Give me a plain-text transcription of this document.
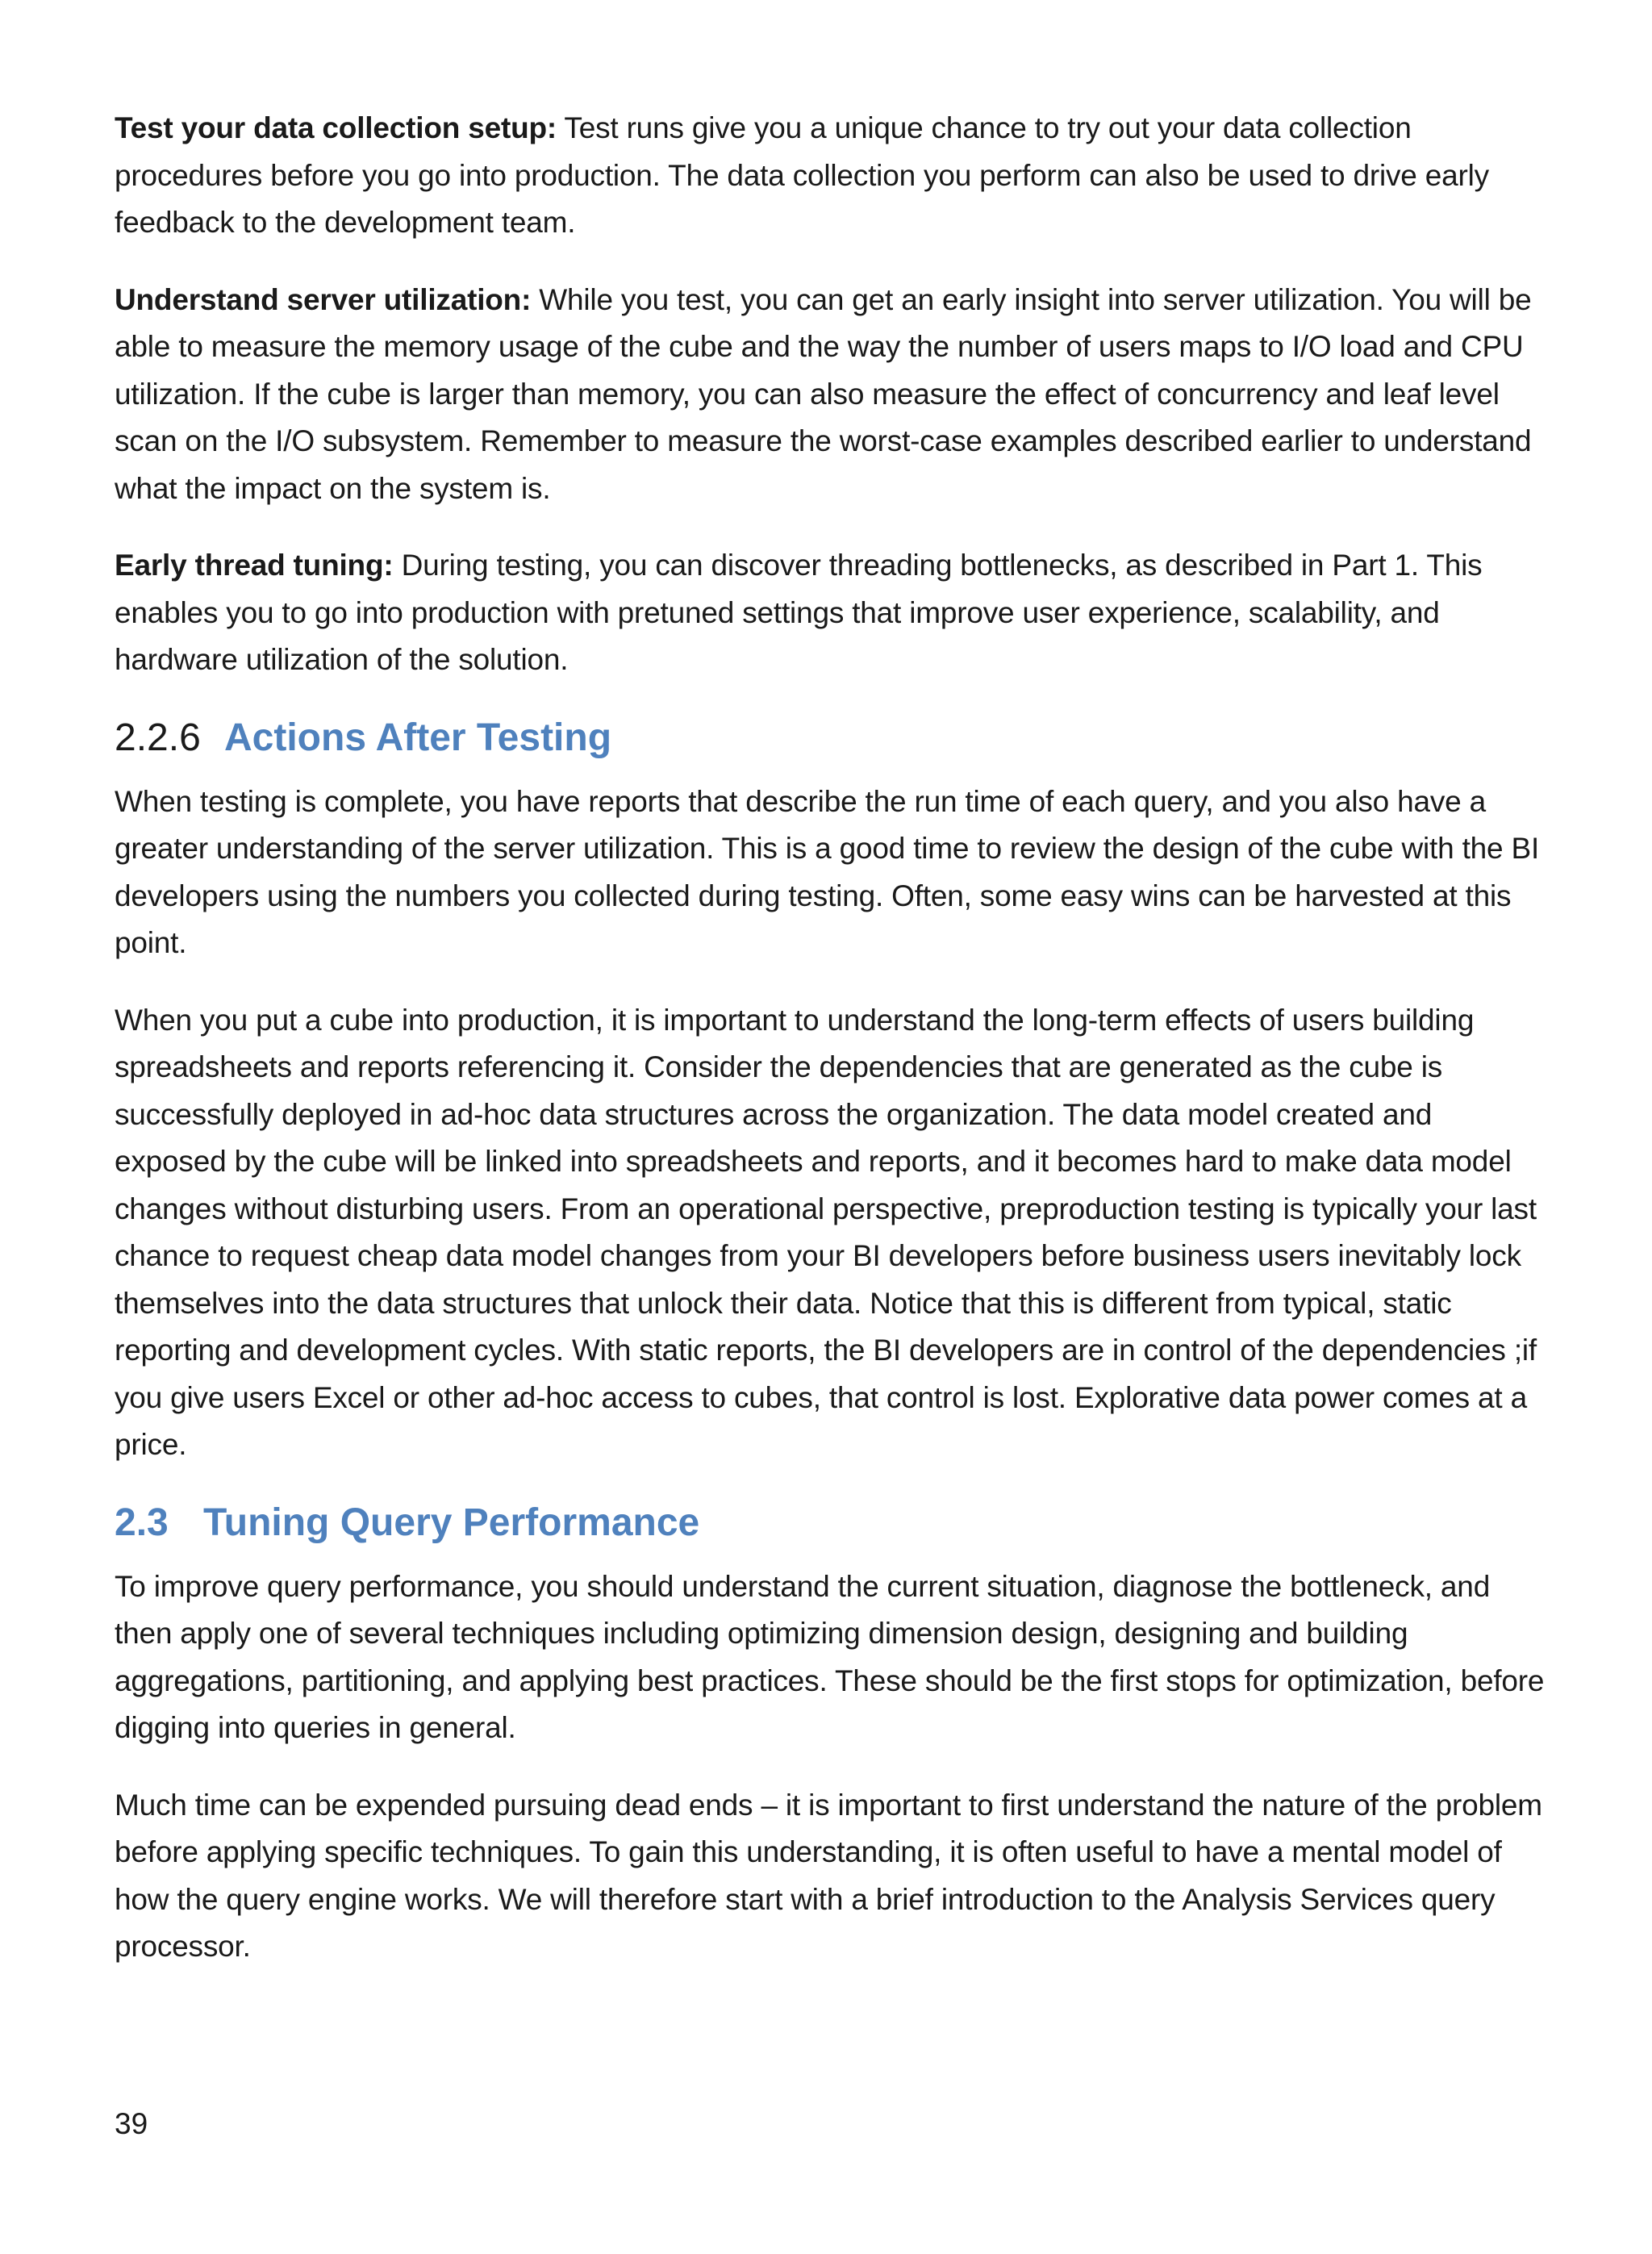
Test your data collection setup: Test runs give you a unique chance to try out your data collection procedures before you go into production. The data collection you perform can also be used to drive early feedback to the development team.

Understand server utilization: While you test, you can get an early insight into server utilization. You will be able to measure the memory usage of the cube and the way the number of users maps to I/O load and CPU utilization. If the cube is larger than memory, you can also measure the effect of concurrency and leaf level scan on the I/O subsystem. Remember to measure the worst-case examples described earlier to understand what the impact on the system is.

Early thread tuning: During testing, you can discover threading bottlenecks, as described in Part 1. This enables you to go into production with pretuned settings that improve user experience, scalability, and hardware utilization of the solution.

2.2.6 Actions After Testing

When testing is complete, you have reports that describe the run time of each query, and you also have a greater understanding of the server utilization. This is a good time to review the design of the cube with the BI developers using the numbers you collected during testing. Often, some easy wins can be harvested at this point.

When you put a cube into production, it is important to understand the long-term effects of users building spreadsheets and reports referencing it. Consider the dependencies that are generated as the cube is successfully deployed in ad-hoc data structures across the organization. The data model created and exposed by the cube will be linked into spreadsheets and reports, and it becomes hard to make data model changes without disturbing users. From an operational perspective, preproduction testing is typically your last chance to request cheap data model changes from your BI developers before business users inevitably lock themselves into the data structures that unlock their data. Notice that this is different from typical, static reporting and development cycles. With static reports, the BI developers are in control of the dependencies ;if you give users Excel or other ad-hoc access to cubes, that control is lost. Explorative data power comes at a price.

2.3 Tuning Query Performance

To improve query performance, you should understand the current situation, diagnose the bottleneck, and then apply one of several techniques including optimizing dimension design, designing and building aggregations, partitioning, and applying best practices. These should be the first stops for optimization, before digging into queries in general.

Much time can be expended pursuing dead ends – it is important to first understand the nature of the problem before applying specific techniques. To gain this understanding, it is often useful to have a mental model of how the query engine works. We will therefore start with a brief introduction to the Analysis Services query processor.

39
